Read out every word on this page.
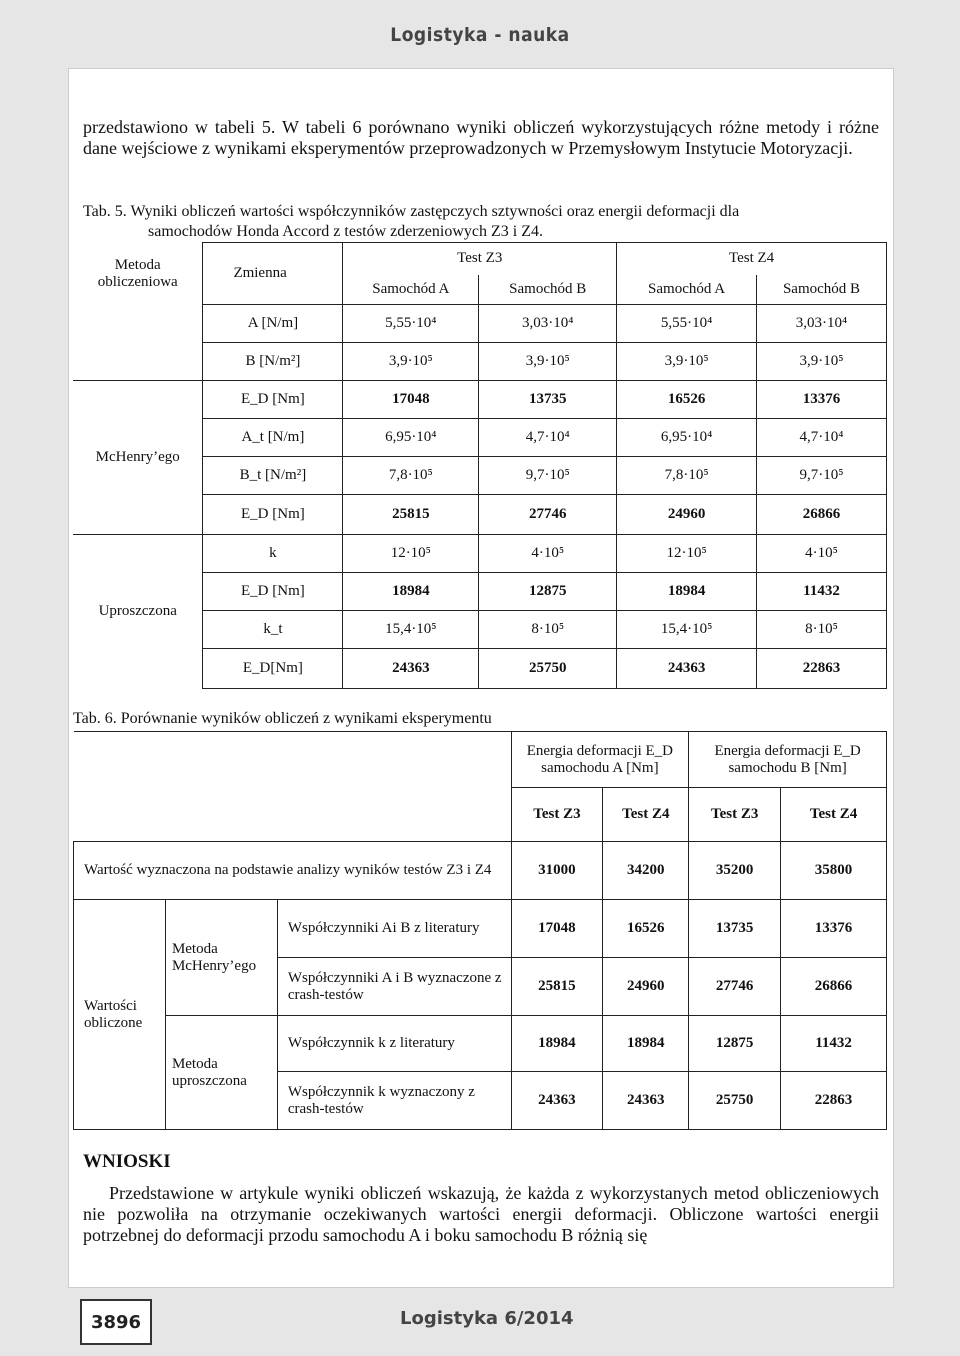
Logistyka - nauka
przedstawiono w tabeli 5. W tabeli 6 porównano wyniki obliczeń wykorzystujących różne metody i różne dane wejściowe z wynikami eksperymentów przeprowadzonych w Przemysłowym Instytucie Motoryzacji.
Tab. 5. Wyniki obliczeń wartości współczynników zastępczych sztywności oraz energii deformacji dla
samochodów Honda Accord z testów zderzeniowych Z3 i Z4.
Metoda obliczeniowa	Zmienna	Test Z3		Test Z4	
		Samochód A	Samochód B	Samochód A	Samochód B
	A [N/m]	5,55·10⁴	3,03·10⁴	5,55·10⁴	3,03·10⁴
	B [N/m²]	3,9·10⁵	3,9·10⁵	3,9·10⁵	3,9·10⁵
McHenry’ego	E_D [Nm]	17048	13735	16526	13376
	A_t [N/m]	6,95·10⁴	4,7·10⁴	6,95·10⁴	4,7·10⁴
	B_t [N/m²]	7,8·10⁵	9,7·10⁵	7,8·10⁵	9,7·10⁵
	E_D [Nm]	25815	27746	24960	26866
Uproszczona	k	12·10⁵	4·10⁵	12·10⁵	4·10⁵
	E_D [Nm]	18984	12875	18984	11432
	k_t	15,4·10⁵	8·10⁵	15,4·10⁵	8·10⁵
	E_D[Nm]	24363	25750	24363	22863
Tab. 6. Porównanie wyników obliczeń z wynikami eksperymentu
			Energia deformacji E_D samochodu A [Nm]		Energia deformacji E_D samochodu B [Nm]	
			Test Z3	Test Z4	Test Z3	Test Z4
Wartość wyznaczona na podstawie analizy wyników testów Z3 i Z4			31000	34200	35200	35800
Wartości obliczone	Metoda McHenry’ego	Współczynniki Ai B z literatury	17048	16526	13735	13376
		Współczynniki A i B wyznaczone z crash-testów	25815	24960	27746	26866
	Metoda uproszczona	Współczynnik k z literatury	18984	18984	12875	11432
		Współczynnik k wyznaczony z crash-testów	24363	24363	25750	22863
WNIOSKI
Przedstawione w artykule wyniki obliczeń wskazują, że każda z wykorzystanych metod obliczeniowych nie pozwoliła na otrzymanie oczekiwanych wartości energii deformacji. Obliczone wartości energii potrzebnej do deformacji przodu samochodu A i boku samochodu B różnią się
3896	Logistyka 6/2014
